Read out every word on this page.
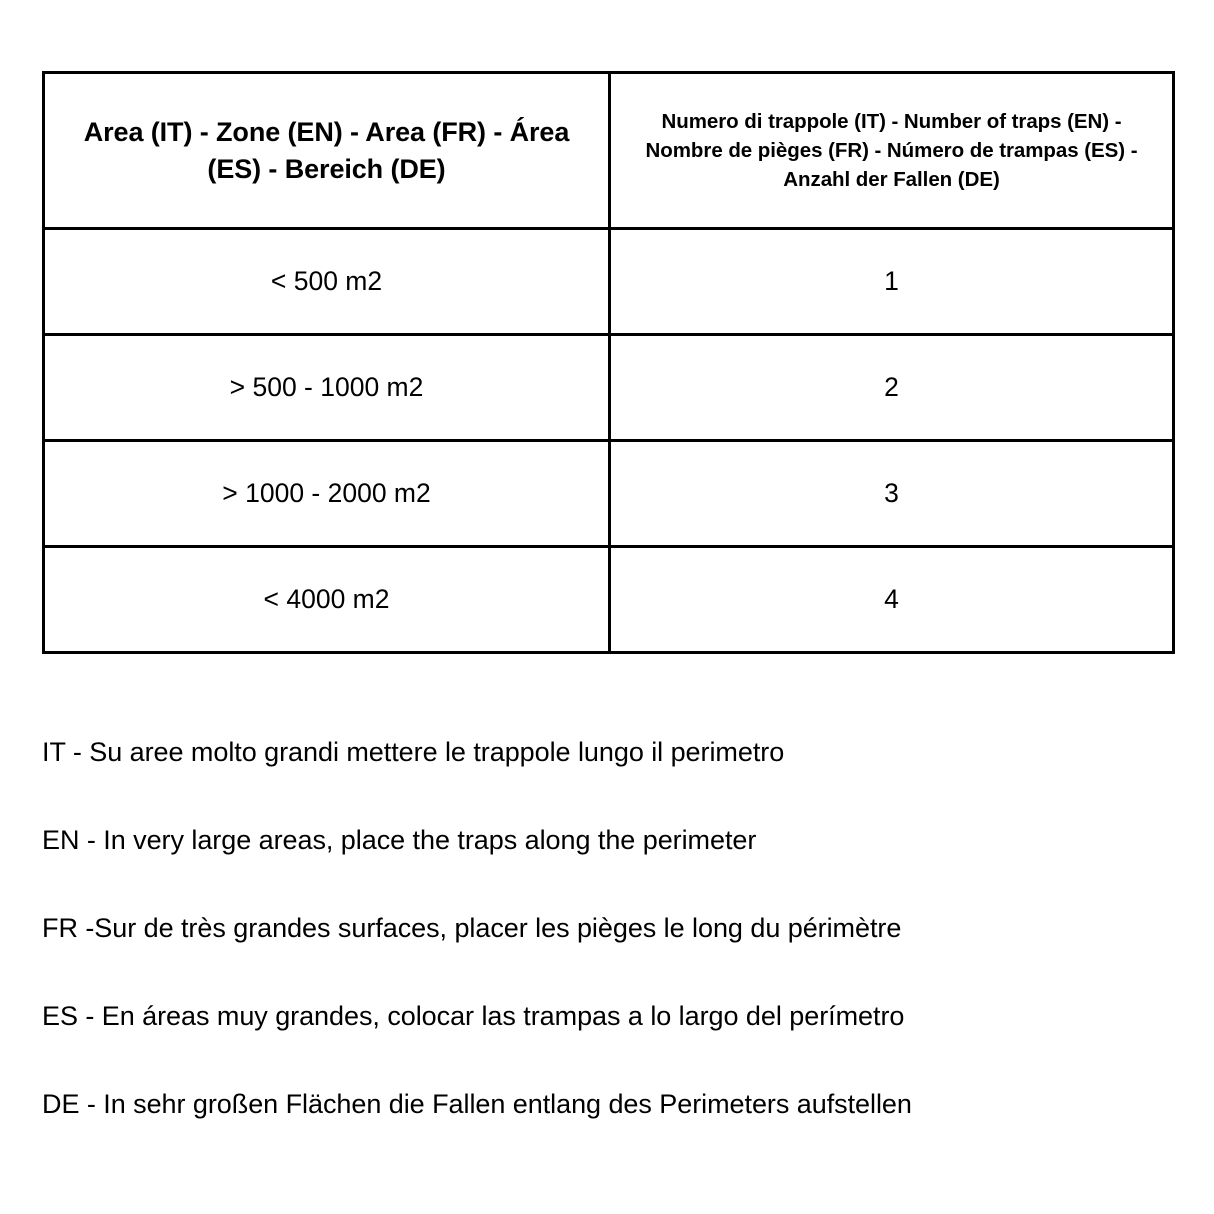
Area (IT) - Zone (EN) - Area (FR) - Área (ES) - Bereich (DE)	Numero di trappole (IT) - Number of traps (EN) - Nombre de pièges (FR) - Número de trampas (ES) - Anzahl der Fallen (DE)
< 500 m2	1
> 500 - 1000 m2	2
> 1000 - 2000 m2	3
< 4000 m2	4
IT - Su aree molto grandi mettere le trappole lungo il perimetro
EN - In very large areas, place the traps along the perimeter
FR -Sur de très grandes surfaces, placer les pièges le long du périmètre
ES - En áreas muy grandes, colocar las trampas a lo largo del perímetro
DE - In sehr großen Flächen die Fallen entlang des Perimeters aufstellen
